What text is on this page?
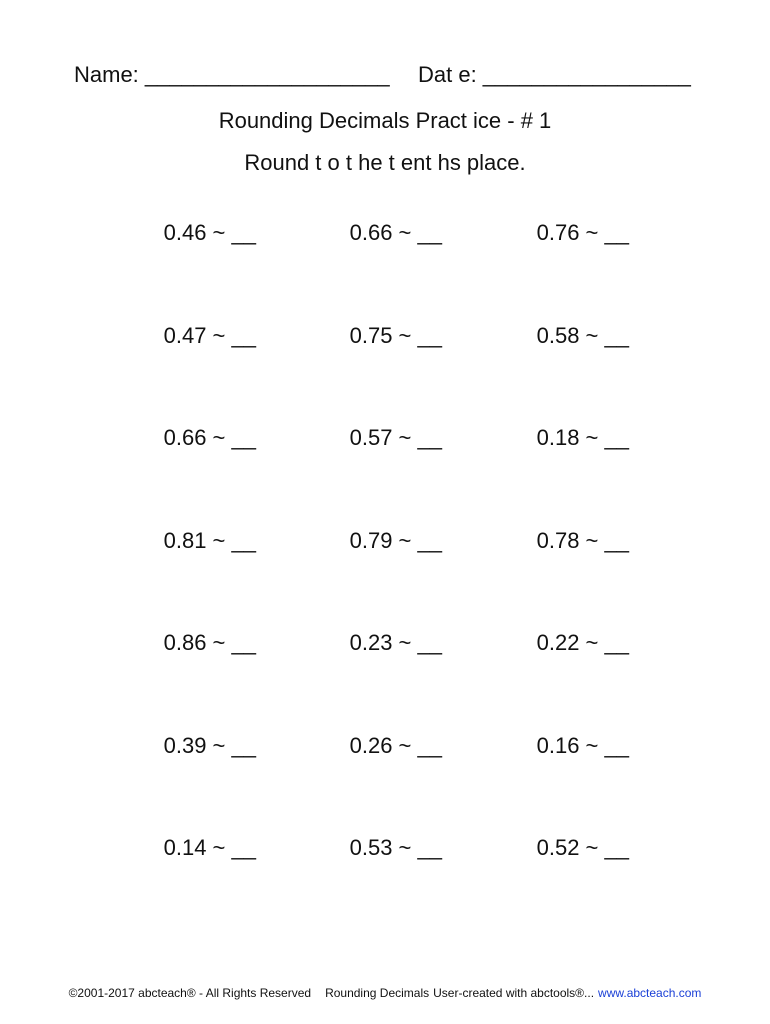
Name: ____________________ Dat e: _________________
Rounding Decimals Pract ice - # 1
Round t o t he t ent hs place.
0.46 ~ __	0.66 ~ __	0.76 ~ __
0.47 ~ __	0.75 ~ __	0.58 ~ __
0.66 ~ __	0.57 ~ __	0.18 ~ __
0.81 ~ __	0.79 ~ __	0.78 ~ __
0.86 ~ __	0.23 ~ __	0.22 ~ __
0.39 ~ __	0.26 ~ __	0.16 ~ __
0.14 ~ __	0.53 ~ __	0.52 ~ __
©2001-2017 abcteach® - All Rights Reserved Rounding Decimals User-created with abctools®... www.abcteach.com
